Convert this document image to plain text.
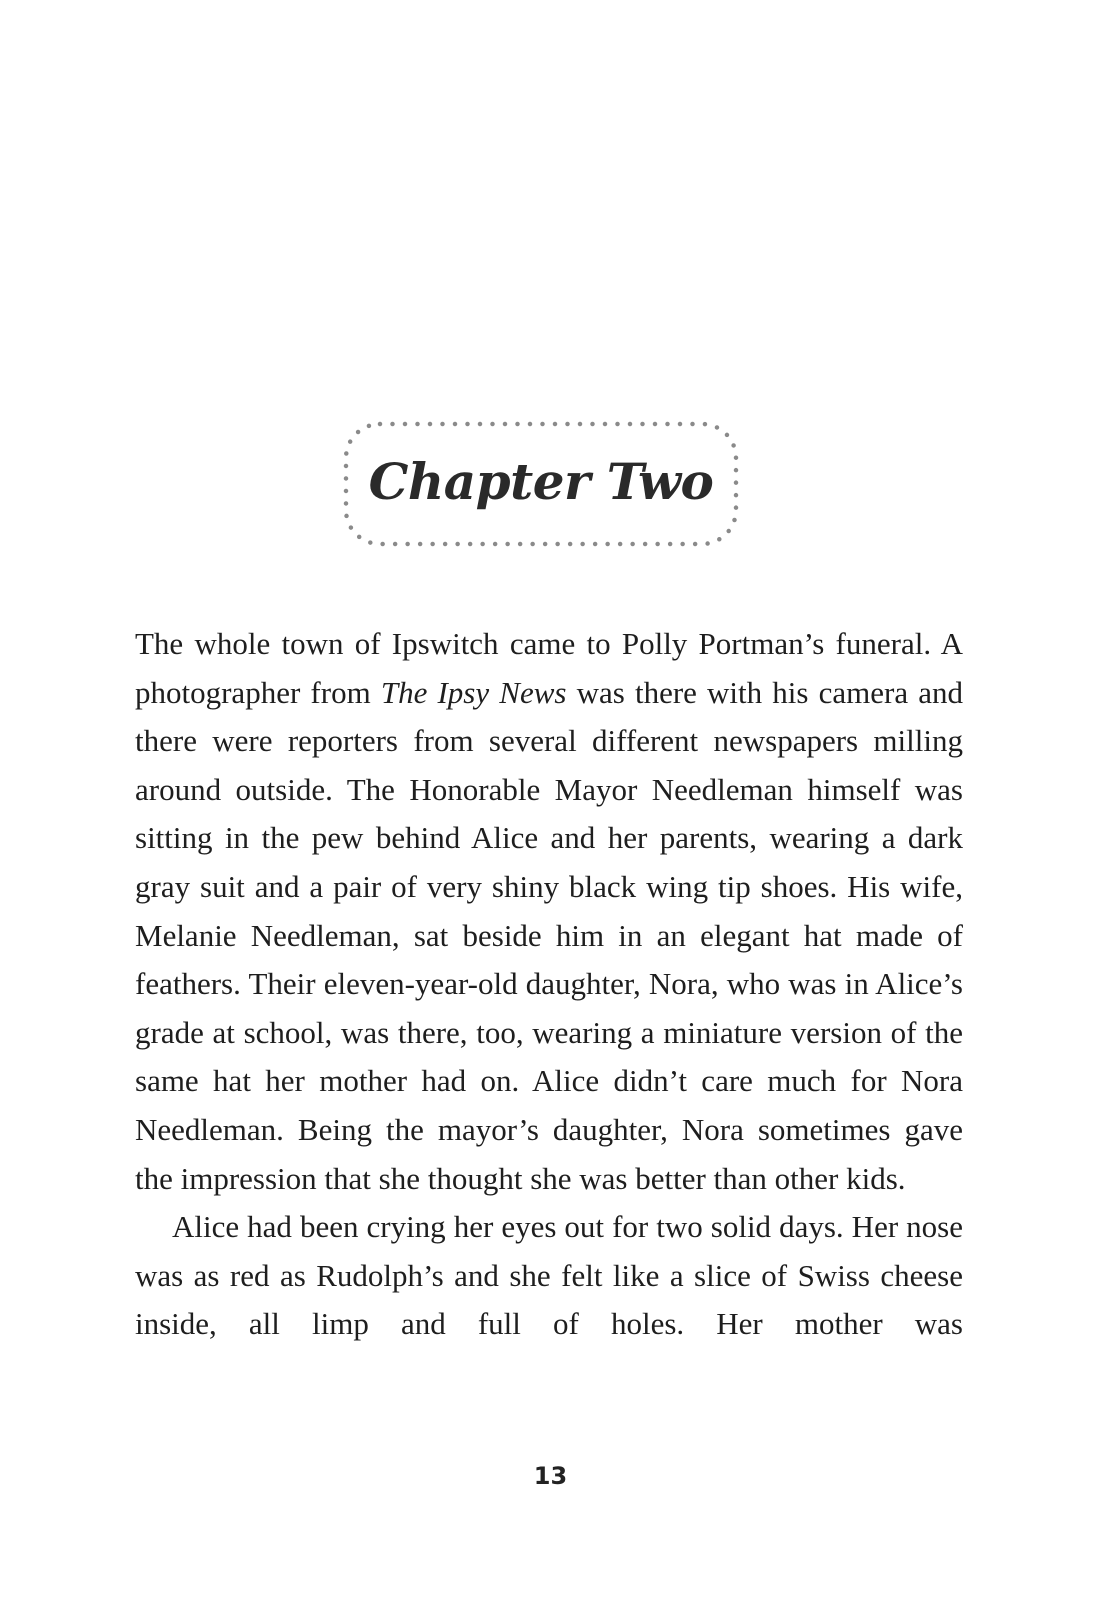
Chapter Two

The whole town of Ipswitch came to Polly Portman’s funeral. A photographer from The Ipsy News was there with his camera and there were reporters from several different newspapers milling around outside. The Honorable Mayor Needleman himself was sitting in the pew behind Alice and her parents, wearing a dark gray suit and a pair of very shiny black wing tip shoes. His wife, Melanie Needleman, sat beside him in an elegant hat made of feathers. Their eleven-year-old daughter, Nora, who was in Alice’s grade at school, was there, too, wearing a miniature version of the same hat her mother had on. Alice didn’t care much for Nora Needleman. Being the mayor’s daughter, Nora sometimes gave the impression that she thought she was better than other kids.

Alice had been crying her eyes out for two solid days. Her nose was as red as Rudolph’s and she felt like a slice of Swiss cheese inside, all limp and full of holes. Her mother was

13
